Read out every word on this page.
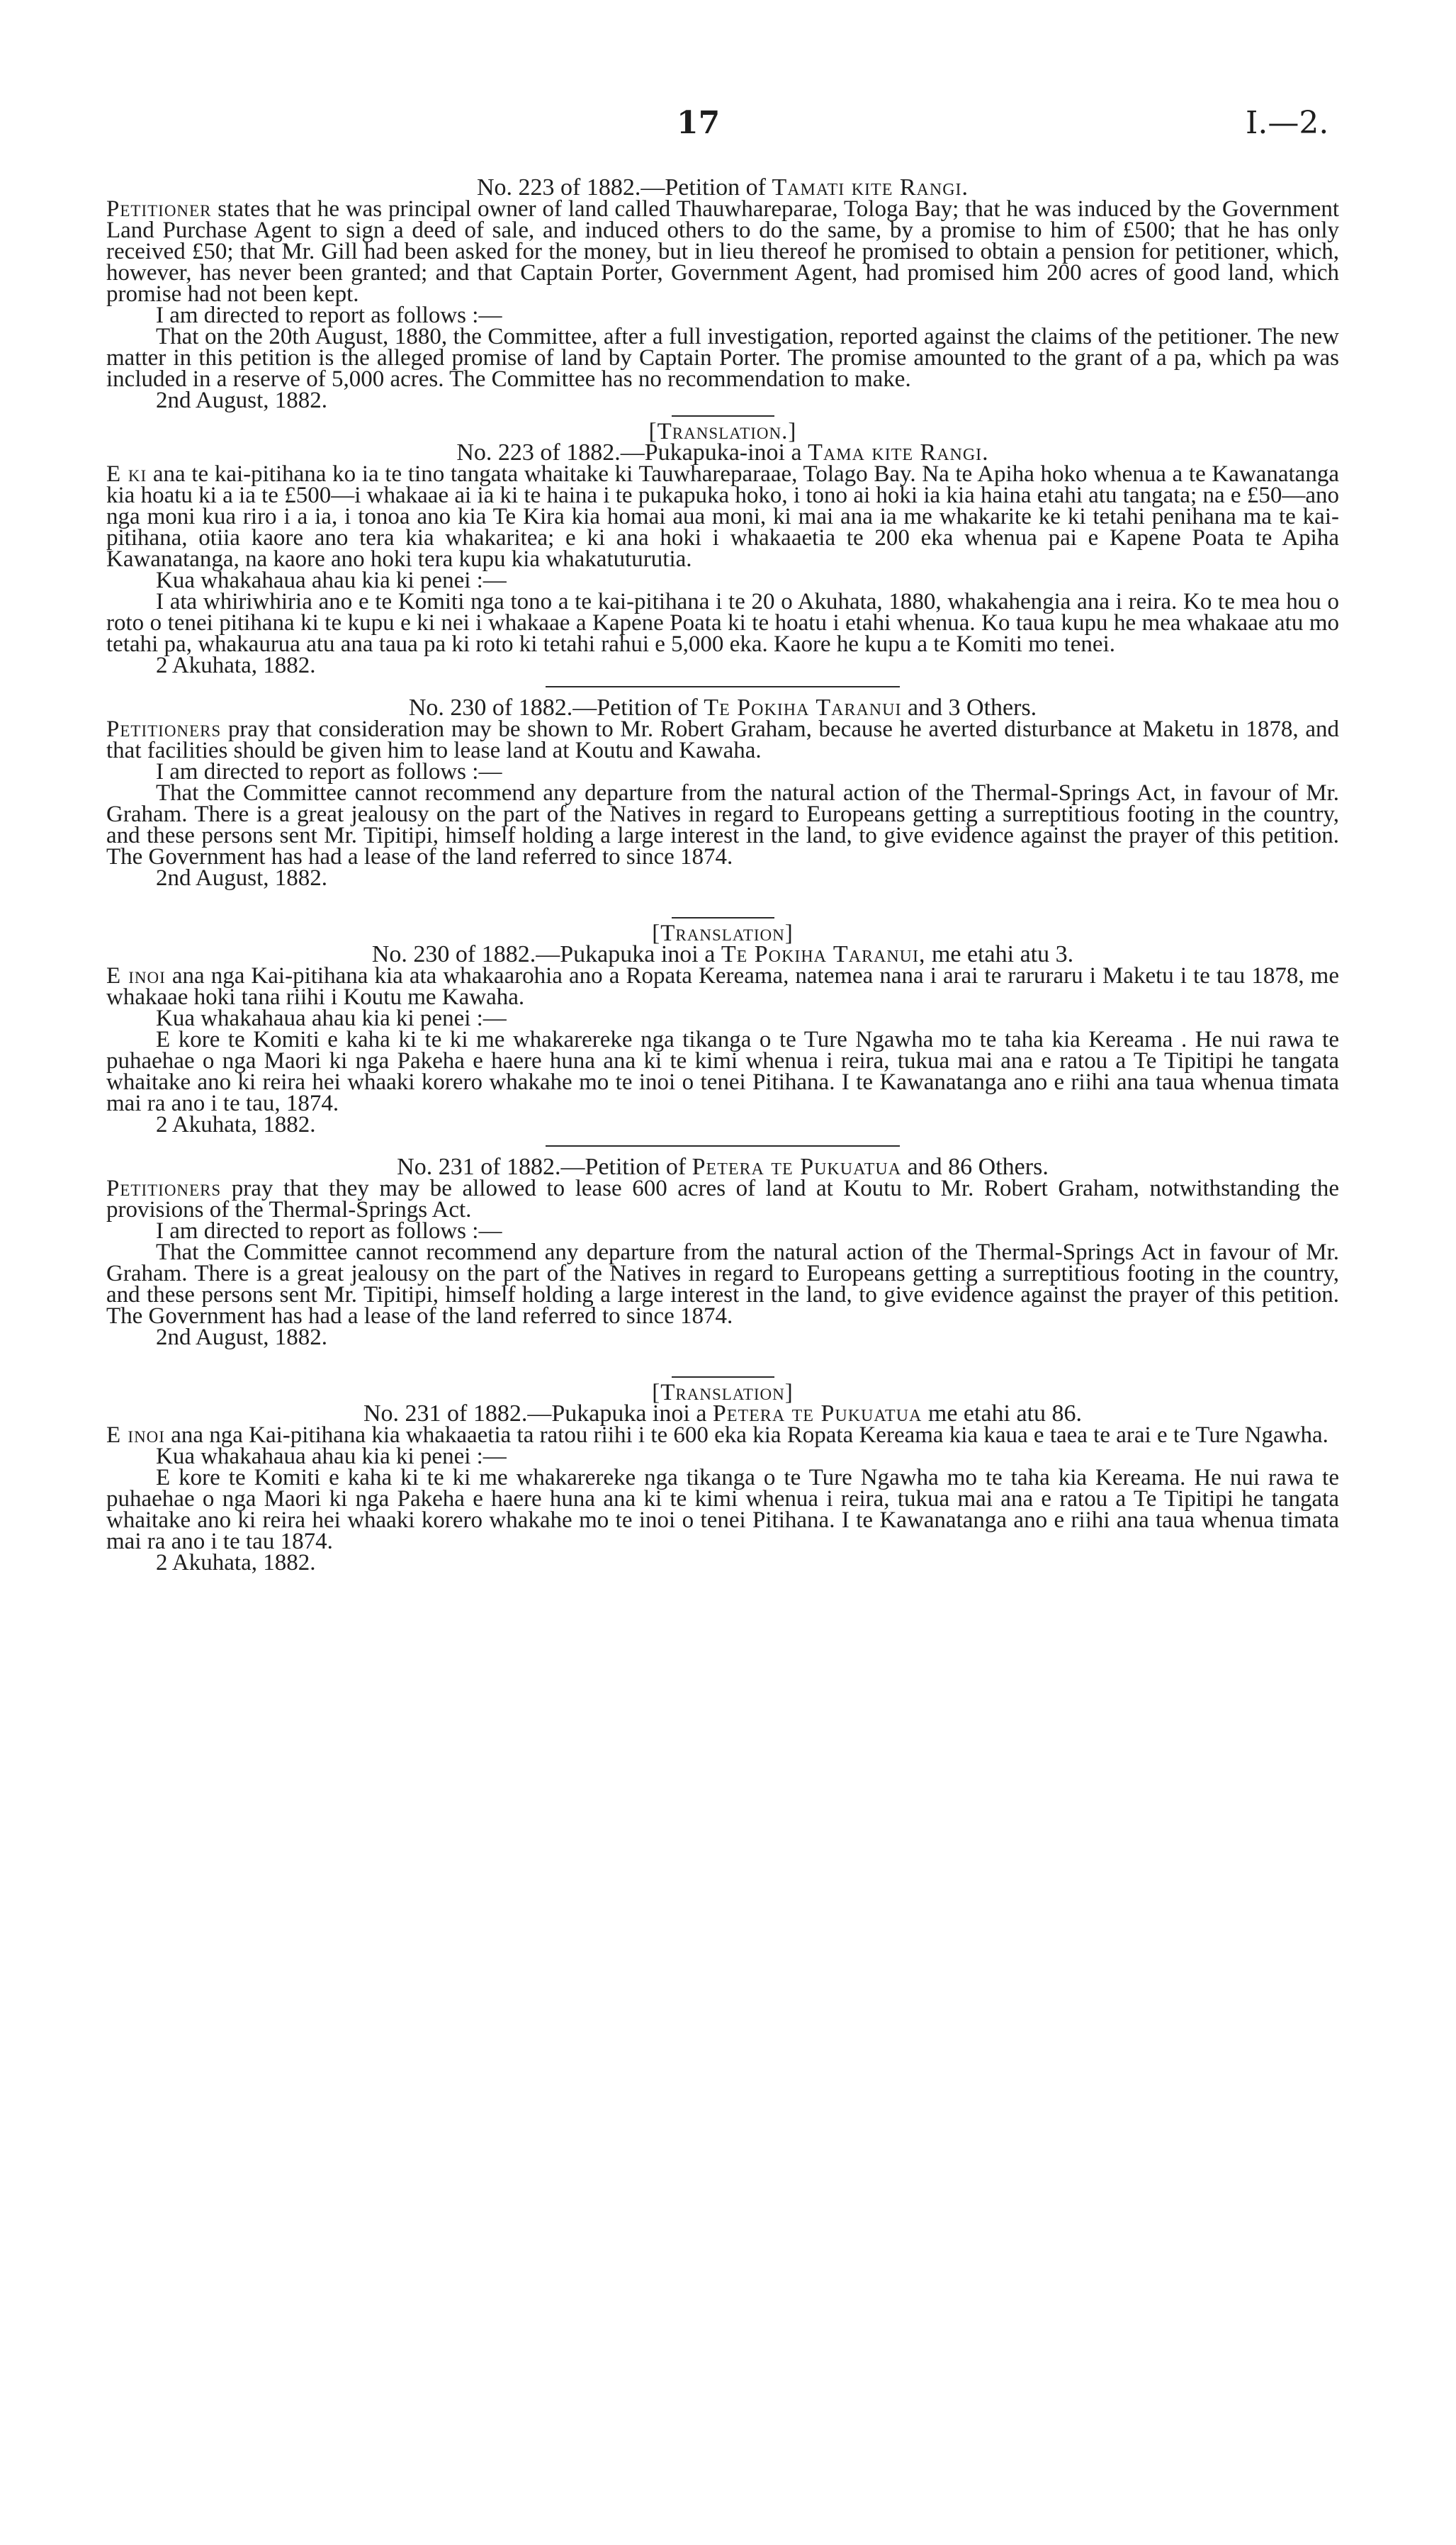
17	I.—2.

No. 223 of 1882.—Petition of Tamati kite Rangi.

Petitioner states that he was principal owner of land called Thauwhareparae, Tologa Bay; that he was induced by the Government Land Purchase Agent to sign a deed of sale, and induced others to do the same, by a promise to him of £500; that he has only received £50; that Mr. Gill had been asked for the money, but in lieu thereof he promised to obtain a pension for petitioner, which, however, has never been granted; and that Captain Porter, Government Agent, had promised him 200 acres of good land, which promise had not been kept.

I am directed to report as follows :—

That on the 20th August, 1880, the Committee, after a full investigation, reported against the claims of the petitioner. The new matter in this petition is the alleged promise of land by Captain Porter. The promise amounted to the grant of a pa, which pa was included in a reserve of 5,000 acres. The Committee has no recommendation to make.

2nd August, 1882.

[Translation.]

No. 223 of 1882.—Pukapuka-inoi a Tama kite Rangi.

E ki ana te kai-pitihana ko ia te tino tangata whaitake ki Tauwhareparaae, Tolago Bay. Na te Apiha hoko whenua a te Kawanatanga kia hoatu ki a ia te £500—i whakaae ai ia ki te haina i te pukapuka hoko, i tono ai hoki ia kia haina etahi atu tangata; na e £50—ano nga moni kua riro i a ia, i tonoa ano kia Te Kira kia homai aua moni, ki mai ana ia me whakarite ke ki tetahi penihana ma te kai-pitihana, otiia kaore ano tera kia whakaritea; e ki ana hoki i whakaaetia te 200 eka whenua pai e Kapene Poata te Apiha Kawanatanga, na kaore ano hoki tera kupu kia whakatuturutia.

Kua whakahaua ahau kia ki penei :—

I ata whiriwhiria ano e te Komiti nga tono a te kai-pitihana i te 20 o Akuhata, 1880, whakahengia ana i reira. Ko te mea hou o roto o tenei pitihana ki te kupu e ki nei i whakaae a Kapene Poata ki te hoatu i etahi whenua. Ko taua kupu he mea whakaae atu mo tetahi pa, whakaurua atu ana taua pa ki roto ki tetahi rahui e 5,000 eka. Kaore he kupu a te Komiti mo tenei.

2 Akuhata, 1882.

No. 230 of 1882.—Petition of Te Pokiha Taranui and 3 Others.

Petitioners pray that consideration may be shown to Mr. Robert Graham, because he averted disturbance at Maketu in 1878, and that facilities should be given him to lease land at Koutu and Kawaha.

I am directed to report as follows :—

That the Committee cannot recommend any departure from the natural action of the Thermal-Springs Act, in favour of Mr. Graham. There is a great jealousy on the part of the Natives in regard to Europeans getting a surreptitious footing in the country, and these persons sent Mr. Tipitipi, himself holding a large interest in the land, to give evidence against the prayer of this petition. The Government has had a lease of the land referred to since 1874.

2nd August, 1882.

[Translation]

No. 230 of 1882.—Pukapuka inoi a Te Pokiha Taranui, me etahi atu 3.

E inoi ana nga Kai-pitihana kia ata whakaarohia ano a Ropata Kereama, natemea nana i arai te raruraru i Maketu i te tau 1878, me whakaae hoki tana riihi i Koutu me Kawaha.

Kua whakahaua ahau kia ki penei :—

E kore te Komiti e kaha ki te ki me whakarereke nga tikanga o te Ture Ngawha mo te taha kia Kereama . He nui rawa te puhaehae o nga Maori ki nga Pakeha e haere huna ana ki te kimi whenua i reira, tukua mai ana e ratou a Te Tipitipi he tangata whaitake ano ki reira hei whaaki korero whakahe mo te inoi o tenei Pitihana. I te Kawanatanga ano e riihi ana taua whenua timata mai ra ano i te tau, 1874.

2 Akuhata, 1882.

No. 231 of 1882.—Petition of Petera te Pukuatua and 86 Others.

Petitioners pray that they may be allowed to lease 600 acres of land at Koutu to Mr. Robert Graham, notwithstanding the provisions of the Thermal-Springs Act.

I am directed to report as follows :—

That the Committee cannot recommend any departure from the natural action of the Thermal-Springs Act in favour of Mr. Graham. There is a great jealousy on the part of the Natives in regard to Europeans getting a surreptitious footing in the country, and these persons sent Mr. Tipitipi, himself holding a large interest in the land, to give evidence against the prayer of this petition. The Government has had a lease of the land referred to since 1874.

2nd August, 1882.

[Translation]

No. 231 of 1882.—Pukapuka inoi a Petera te Pukuatua me etahi atu 86.

E inoi ana nga Kai-pitihana kia whakaaetia ta ratou riihi i te 600 eka kia Ropata Kereama kia kaua e taea te arai e te Ture Ngawha.

Kua whakahaua ahau kia ki penei :—

E kore te Komiti e kaha ki te ki me whakarereke nga tikanga o te Ture Ngawha mo te taha kia Kereama. He nui rawa te puhaehae o nga Maori ki nga Pakeha e haere huna ana ki te kimi whenua i reira, tukua mai ana e ratou a Te Tipitipi he tangata whaitake ano ki reira hei whaaki korero whakahe mo te inoi o tenei Pitihana. I te Kawanatanga ano e riihi ana taua whenua timata mai ra ano i te tau 1874.

2 Akuhata, 1882.
